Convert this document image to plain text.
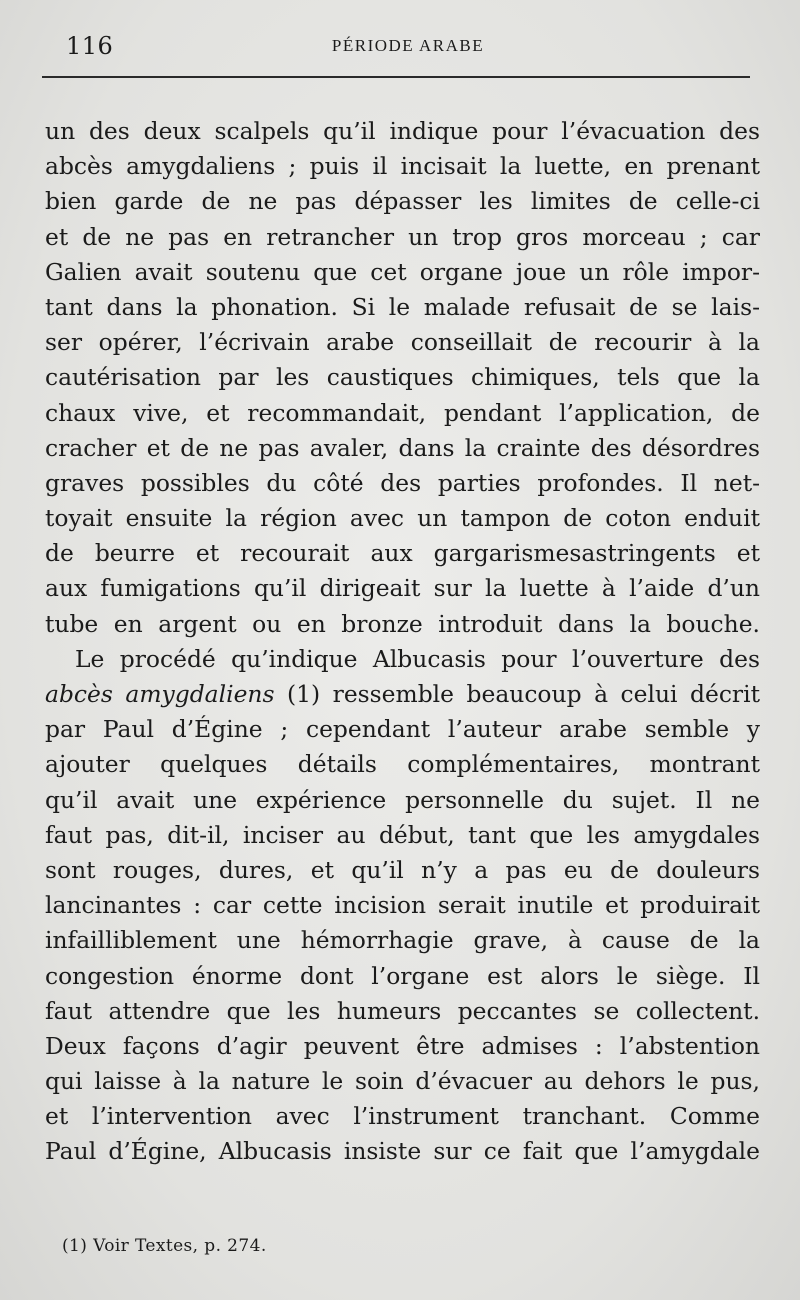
116	PÉRIODE ARABE
un des deux scalpels qu’il indique pour l’évacuation des
abcès amygdaliens ; puis il incisait la luette, en prenant
bien garde de ne pas dépasser les limites de celle-ci
et de ne pas en retrancher un trop gros morceau ; car
Galien avait soutenu que cet organe joue un rôle impor-
tant dans la phonation. Si le malade refusait de se lais-
ser opérer, l’écrivain arabe conseillait de recourir à la
cautérisation par les caustiques chimiques, tels que la
chaux vive, et recommandait, pendant l’application, de
cracher et de ne pas avaler, dans la crainte des désordres
graves possibles du côté des parties profondes. Il net-
toyait ensuite la région avec un tampon de coton enduit
de beurre et recourait aux gargarismesastringents et
aux fumigations qu’il dirigeait sur la luette à l’aide d’un
tube en argent ou en bronze introduit dans la bouche.
Le procédé qu’indique Albucasis pour l’ouverture des
abcès amygdaliens (1) ressemble beaucoup à celui décrit
par Paul d’Égine ; cependant l’auteur arabe semble y
ajouter quelques détails complémentaires, montrant
qu’il avait une expérience personnelle du sujet. Il ne
faut pas, dit-il, inciser au début, tant que les amygdales
sont rouges, dures, et qu’il n’y a pas eu de douleurs
lancinantes : car cette incision serait inutile et produirait
infailliblement une hémorrhagie grave, à cause de la
congestion énorme dont l’organe est alors le siège. Il
faut attendre que les humeurs peccantes se collectent.
Deux façons d’agir peuvent être admises : l’abstention
qui laisse à la nature le soin d’évacuer au dehors le pus,
et l’intervention avec l’instrument tranchant. Comme
Paul d’Égine, Albucasis insiste sur ce fait que l’amygdale
(1) Voir Textes, p. 274.
